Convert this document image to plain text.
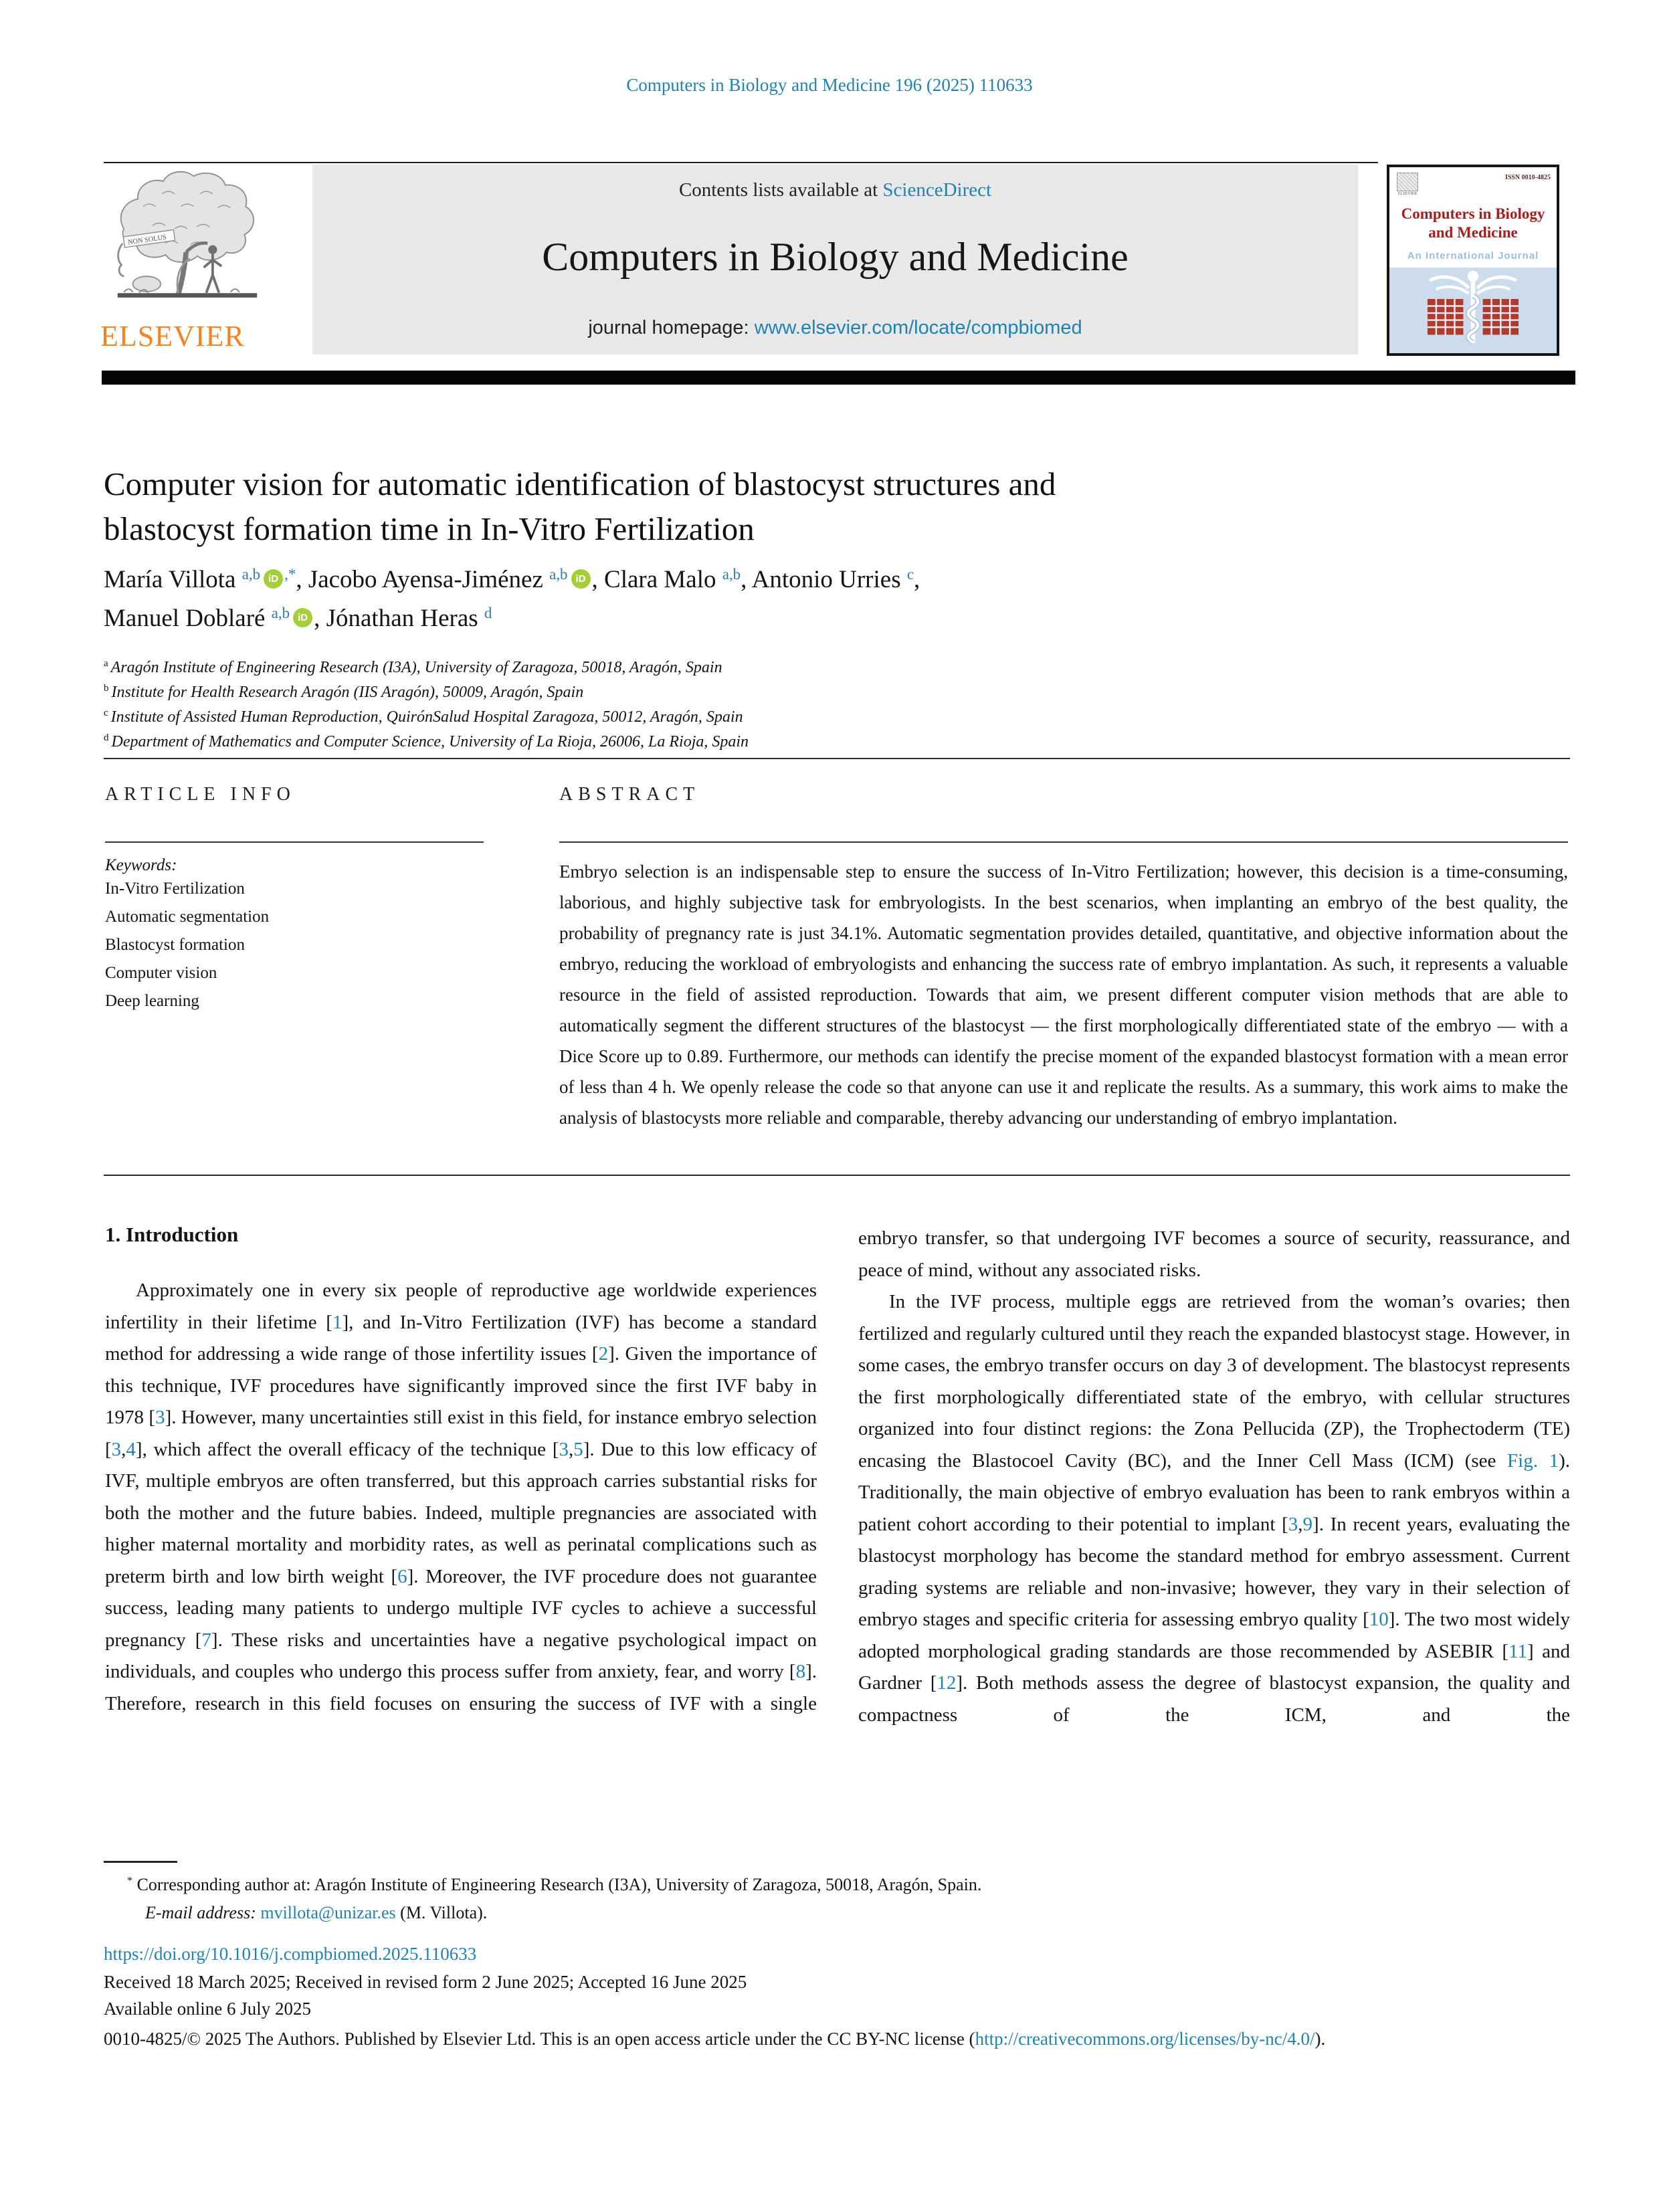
Computers in Biology and Medicine 196 (2025) 110633
NON SOLUS
ELSEVIER
Contents lists available at ScienceDirect
Computers in Biology and Medicine
journal homepage: www.elsevier.com/locate/compbiomed
ISSN 0010-4825
ELSEVIER
Computers in Biology and Medicine
An International Journal
Computer vision for automatic identification of blastocyst structures and
blastocyst formation time in In-Vitro Fertilization
María Villota $^{a,b}$ iD ,*, Jacobo Ayensa-Jiménez $^{a,b}$ iD , Clara Malo $^{a,b}$, Antonio Urries $^c$,
Manuel Doblaré $^{a,b}$ iD , Jónathan Heras $^d$
$^a$ Aragón Institute of Engineering Research (I3A), University of Zaragoza, 50018, Aragón, Spain
$^b$ Institute for Health Research Aragón (IIS Aragón), 50009, Aragón, Spain
$^c$ Institute of Assisted Human Reproduction, QuirónSalud Hospital Zaragoza, 50012, Aragón, Spain
$^d$ Department of Mathematics and Computer Science, University of La Rioja, 26006, La Rioja, Spain
ARTICLE INFO
Keywords:
In-Vitro Fertilization
Automatic segmentation
Blastocyst formation
Computer vision
Deep learning
ABSTRACT

Embryo selection is an indispensable step to ensure the success of In-Vitro Fertilization; however, this decision is a time-consuming, laborious, and highly subjective task for embryologists. In the best scenarios, when implanting an embryo of the best quality, the probability of pregnancy rate is just 34.1%. Automatic segmentation provides detailed, quantitative, and objective information about the embryo, reducing the workload of embryologists and enhancing the success rate of embryo implantation. As such, it represents a valuable resource in the field of assisted reproduction. Towards that aim, we present different computer vision methods that are able to automatically segment the different structures of the blastocyst — the first morphologically differentiated state of the embryo — with a Dice Score up to 0.89. Furthermore, our methods can identify the precise moment of the expanded blastocyst formation with a mean error of less than 4 h. We openly release the code so that anyone can use it and replicate the results. As a summary, this work aims to make the analysis of blastocysts more reliable and comparable, thereby advancing our understanding of embryo implantation.

1. Introduction

Approximately one in every six people of reproductive age worldwide experiences infertility in their lifetime [1], and In-Vitro Fertilization (IVF) has become a standard method for addressing a wide range of those infertility issues [2]. Given the importance of this technique, IVF procedures have significantly improved since the first IVF baby in 1978 [3]. However, many uncertainties still exist in this field, for instance embryo selection [3,4], which affect the overall efficacy of the technique [3,5]. Due to this low efficacy of IVF, multiple embryos are often transferred, but this approach carries substantial risks for both the mother and the future babies. Indeed, multiple pregnancies are associated with higher maternal mortality and morbidity rates, as well as perinatal complications such as preterm birth and low birth weight [6]. Moreover, the IVF procedure does not guarantee success, leading many patients to undergo multiple IVF cycles to achieve a successful pregnancy [7]. These risks and uncertainties have a negative psychological impact on individuals, and couples who undergo this process suffer from anxiety, fear, and worry [8]. Therefore, research in this field focuses on ensuring the success of IVF with a single

embryo transfer, so that undergoing IVF becomes a source of security, reassurance, and peace of mind, without any associated risks.

In the IVF process, multiple eggs are retrieved from the woman’s ovaries; then fertilized and regularly cultured until they reach the expanded blastocyst stage. However, in some cases, the embryo transfer occurs on day 3 of development. The blastocyst represents the first morphologically differentiated state of the embryo, with cellular structures organized into four distinct regions: the Zona Pellucida (ZP), the Trophectoderm (TE) encasing the Blastocoel Cavity (BC), and the Inner Cell Mass (ICM) (see Fig. 1). Traditionally, the main objective of embryo evaluation has been to rank embryos within a patient cohort according to their potential to implant [3,9]. In recent years, evaluating the blastocyst morphology has become the standard method for embryo assessment. Current grading systems are reliable and non-invasive; however, they vary in their selection of embryo stages and specific criteria for assessing embryo quality [10]. The two most widely adopted morphological grading standards are those recommended by ASEBIR [11] and Gardner [12]. Both methods assess the degree of blastocyst expansion, the quality and compactness of the ICM, and the

* Corresponding author at: Aragón Institute of Engineering Research (I3A), University of Zaragoza, 50018, Aragón, Spain.
E-mail address: mvillota@unizar.es (M. Villota).
https://doi.org/10.1016/j.compbiomed.2025.110633
Received 18 March 2025; Received in revised form 2 June 2025; Accepted 16 June 2025
Available online 6 July 2025
0010-4825/© 2025 The Authors. Published by Elsevier Ltd. This is an open access article under the CC BY-NC license (http://creativecommons.org/licenses/by-nc/4.0/).
